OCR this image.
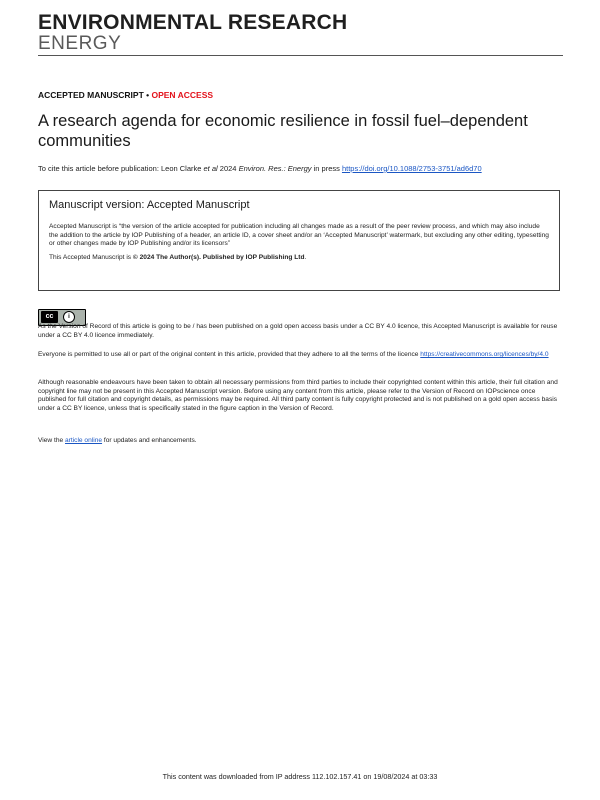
ENVIRONMENTAL RESEARCH
ENERGY
ACCEPTED MANUSCRIPT • OPEN ACCESS
A research agenda for economic resilience in fossil fuel–dependent communities
To cite this article before publication: Leon Clarke et al 2024 Environ. Res.: Energy in press https://doi.org/10.1088/2753-3751/ad6d70
Manuscript version: Accepted Manuscript

Accepted Manuscript is “the version of the article accepted for publication including all changes made as a result of the peer review process, and which may also include the addition to the article by IOP Publishing of a header, an article ID, a cover sheet and/or an ‘Accepted Manuscript’ watermark, but excluding any other editing, typesetting or other changes made by IOP Publishing and/or its licensors”

This Accepted Manuscript is © 2024 The Author(s). Published by IOP Publishing Ltd.

cc	i
As the Version of Record of this article is going to be / has been published on a gold open access basis under a CC BY 4.0 licence, this Accepted Manuscript is available for reuse under a CC BY 4.0 licence immediately.
Everyone is permitted to use all or part of the original content in this article, provided that they adhere to all the terms of the licence https://creativecommons.org/licences/by/4.0
Although reasonable endeavours have been taken to obtain all necessary permissions from third parties to include their copyrighted content within this article, their full citation and copyright line may not be present in this Accepted Manuscript version. Before using any content from this article, please refer to the Version of Record on IOPscience once published for full citation and copyright details, as permissions may be required. All third party content is fully copyright protected and is not published on a gold open access basis under a CC BY licence, unless that is specifically stated in the figure caption in the Version of Record.
View the article online for updates and enhancements.
This content was downloaded from IP address 112.102.157.41 on 19/08/2024 at 03:33
